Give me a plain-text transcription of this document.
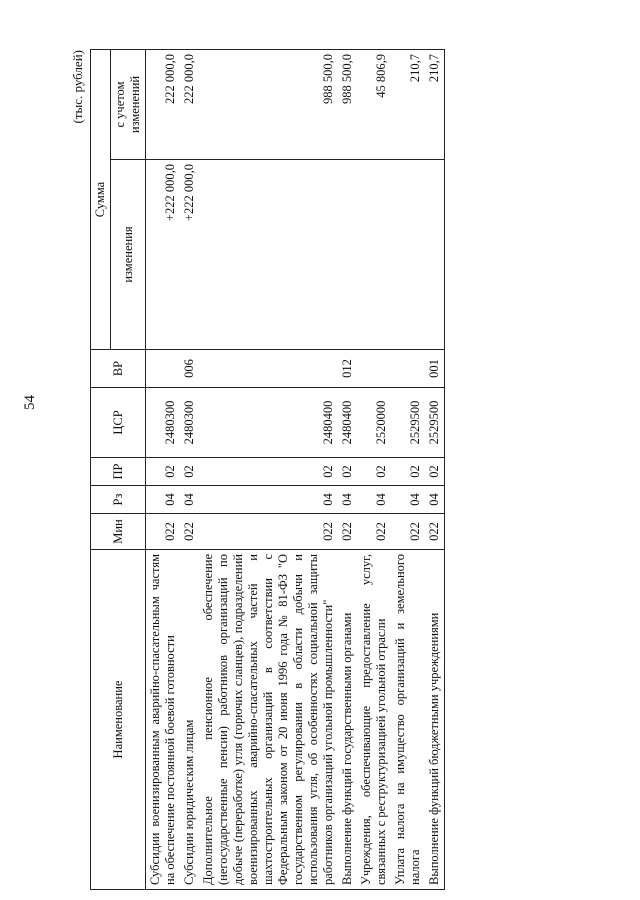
54
(тыс. рублей)
Наименование	Мин	Рз	ПР	ЦСР	ВР	Сумма	
						изменения	с учетом изменений
Субсидии военизированным аварийно-спасательным частям на обеспечение постоянной боевой готовности	022	04	02	2480300		+222 000,0	222 000,0
Субсидии юридическим лицам	022	04	02	2480300	006	+222 000,0	222 000,0
Дополнительное пенсионное обеспечение (негосударственные пенсии) работников организаций по добыче (переработке) угля (горючих сланцев), подразделений военизированных аварийно-спасательных частей и шахтостроительных организаций в соответствии с Федеральным законом от 20 июня 1996 года № 81-ФЗ "О государственном регулировании в области добычи и использования угля, об особенностях социальной защиты работников организаций угольной промышленности"	022	04	02	2480400			988 500,0
Выполнение функций государственными органами	022	04	02	2480400	012		988 500,0
Учреждения, обеспечивающие предоставление услуг, связанных с реструктуризацией угольной отрасли	022	04	02	2520000			45 806,9
Уплата налога на имущество организаций и земельного налога	022	04	02	2529500			210,7
Выполнение функций бюджетными учреждениями	022	04	02	2529500	001		210,7
